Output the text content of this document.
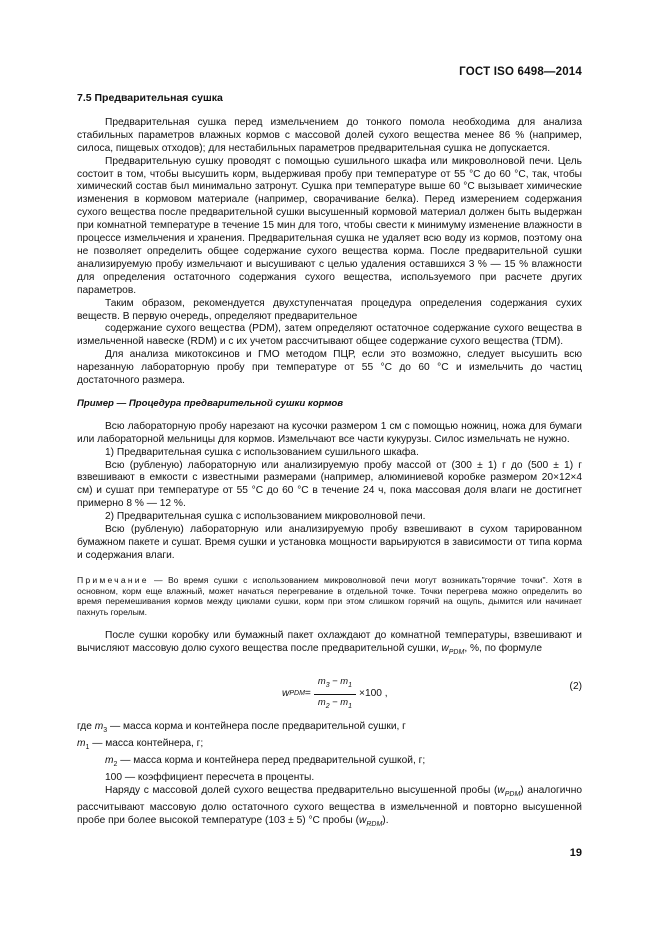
ГОСТ ISO 6498—2014
7.5 Предварительная сушка

Предварительная сушка перед измельчением до тонкого помола необходима для анализа стабильных параметров влажных кормов с массовой долей сухого вещества менее 86 % (например, силоса, пищевых отходов); для нестабильных параметров предварительная сушка не допускается.

Предварительную сушку проводят с помощью сушильного шкафа или микроволновой печи. Цель состоит в том, чтобы высушить корм, выдерживая пробу при температуре от 55 °С до 60 °С, так, чтобы химический состав был минимально затронут. Сушка при температуре выше 60 °С вызывает химические изменения в кормовом материале (например, сворачивание белка). Перед измерением содержания сухого вещества после предварительной сушки высушенный кормовой материал должен быть выдержан при комнатной температуре в течение 15 мин для того, чтобы свести к минимуму изменение влажности в процессе измельчения и хранения. Предварительная сушка не удаляет всю воду из кормов, поэтому она не позволяет определить общее содержание сухого вещества корма. После предварительной сушки анализируемую пробу измельчают и высушивают с целью удаления оставшихся 3 % — 15 % влажности для определения остаточного содержания сухого вещества, используемого при расчете других параметров.

Таким образом, рекомендуется двухступенчатая процедура определения содержания сухих веществ. В первую очередь, определяют предварительное

содержание сухого вещества (PDM), затем определяют остаточное содержание сухого вещества в измельченной навеске (RDM) и с их учетом рассчитывают общее содержание сухого вещества (TDM).

Для анализа микотоксинов и ГМО методом ПЦР, если это возможно, следует высушить всю нарезанную лабораторную пробу при температуре от 55 °С до 60 °С и измельчить до частиц достаточного размера.

Пример — Процедура предварительной сушки кормов

Всю лабораторную пробу нарезают на кусочки размером 1 см с помощью ножниц, ножа для бумаги или лабораторной мельницы для кормов. Измельчают все части кукурузы. Силос измельчать не нужно.

1) Предварительная сушка с использованием сушильного шкафа.

Всю (рубленую) лабораторную или анализируемую пробу массой от (300 ± 1) г до (500 ± 1) г взвешивают в емкости с известными размерами (например, алюминиевой коробке размером 20×12×4 см) и сушат при температуре от 55 °С до 60 °С в течение 24 ч, пока массовая доля влаги не достигнет примерно 8 % — 12 %.

2) Предварительная сушка с использованием микроволновой печи.

Всю (рубленую) лабораторную или анализируемую пробу взвешивают в сухом тарированном бумажном пакете и сушат. Время сушки и установка мощности варьируются в зависимости от типа корма и содержания влаги.

Примечание — Во время сушки с использованием микроволновой печи могут возникать"горячие точки". Хотя в основном, корм еще влажный, может начаться перегревание в отдельной точке. Точки перегрева можно определить во время перемешивания кормов между циклами сушки, корм при этом слишком горячий на ощупь, дымится или начинает пахнуть горелым.

После сушки коробку или бумажный пакет охлаждают до комнатной температуры, взвешивают и вычисляют массовую долю сухого вещества после предварительной сушки, $w_{PDM}$, %, по формуле

w PDM = $\frac{m_3 - m_1}{m_2 - m_1} \times 100$ ,
(2)
где $m_3$ — масса корма и контейнера после предварительной сушки, г
$m_1$ — масса контейнера, г;
$m_2$ — масса корма и контейнера перед предварительной сушкой, г;
100 — коэффициент пересчета в проценты.

Наряду с массовой долей сухого вещества предварительно высушенной пробы $(w_{PDM})$ аналогично рассчитывают массовую долю остаточного сухого вещества в измельченной и повторно высушенной пробе при более высокой температуре (103 ± 5) °С пробы $(w_{RDM})$.

19
